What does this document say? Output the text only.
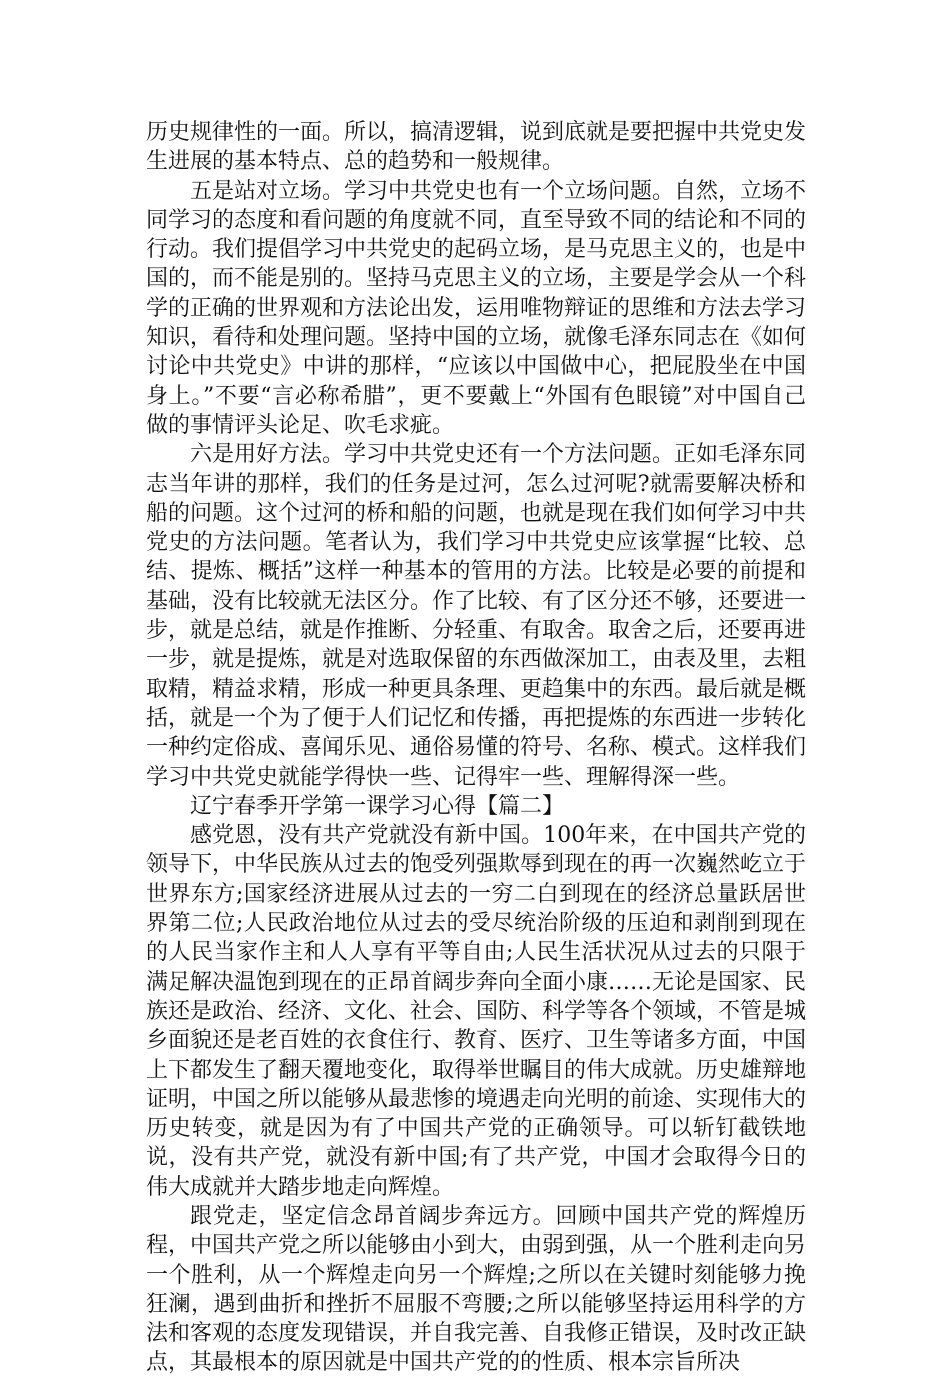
历史规律性的一面。所以，搞清逻辑，说到底就是要把握中共党史发生进展的基本特点、总的趋势和一般规律。

五是站对立场。学习中共党史也有一个立场问题。自然，立场不同学习的态度和看问题的角度就不同，直至导致不同的结论和不同的行动。我们提倡学习中共党史的起码立场，是马克思主义的，也是中国的，而不能是别的。坚持马克思主义的立场，主要是学会从一个科学的正确的世界观和方法论出发，运用唯物辩证的思维和方法去学习知识，看待和处理问题。坚持中国的立场，就像毛泽东同志在《如何讨论中共党史》中讲的那样，“应该以中国做中心，把屁股坐在中国身上。”不要“言必称希腊”，更不要戴上“外国有色眼镜”对中国自己做的事情评头论足、吹毛求疵。

六是用好方法。学习中共党史还有一个方法问题。正如毛泽东同志当年讲的那样，我们的任务是过河，怎么过河呢?就需要解决桥和船的问题。这个过河的桥和船的问题，也就是现在我们如何学习中共党史的方法问题。笔者认为，我们学习中共党史应该掌握“比较、总结、提炼、概括”这样一种基本的管用的方法。比较是必要的前提和基础，没有比较就无法区分。作了比较、有了区分还不够，还要进一步，就是总结，就是作推断、分轻重、有取舍。取舍之后，还要再进一步，就是提炼，就是对选取保留的东西做深加工，由表及里，去粗取精，精益求精，形成一种更具条理、更趋集中的东西。最后就是概括，就是一个为了便于人们记忆和传播，再把提炼的东西进一步转化一种约定俗成、喜闻乐见、通俗易懂的符号、名称、模式。这样我们学习中共党史就能学得快一些、记得牢一些、理解得深一些。

辽宁春季开学第一课学习心得【篇二】

感党恩，没有共产党就没有新中国。100年来，在中国共产党的领导下，中华民族从过去的饱受列强欺辱到现在的再一次巍然屹立于世界东方;国家经济进展从过去的一穷二白到现在的经济总量跃居世界第二位;人民政治地位从过去的受尽统治阶级的压迫和剥削到现在的人民当家作主和人人享有平等自由;人民生活状况从过去的只限于满足解决温饱到现在的正昂首阔步奔向全面小康……无论是国家、民族还是政治、经济、文化、社会、国防、科学等各个领域，不管是城乡面貌还是老百姓的衣食住行、教育、医疗、卫生等诸多方面，中国上下都发生了翻天覆地变化，取得举世瞩目的伟大成就。历史雄辩地证明，中国之所以能够从最悲惨的境遇走向光明的前途、实现伟大的历史转变，就是因为有了中国共产党的正确领导。可以斩钉截铁地说，没有共产党，就没有新中国;有了共产党，中国才会取得今日的伟大成就并大踏步地走向辉煌。

跟党走，坚定信念昂首阔步奔远方。回顾中国共产党的辉煌历程，中国共产党之所以能够由小到大，由弱到强，从一个胜利走向另一个胜利，从一个辉煌走向另一个辉煌;之所以在关键时刻能够力挽狂澜，遇到曲折和挫折不屈服不弯腰;之所以能够坚持运用科学的方法和客观的态度发现错误，并自我完善、自我修正错误，及时改正缺点，其最根本的原因就是中国共产党的的性质、根本宗旨所决
